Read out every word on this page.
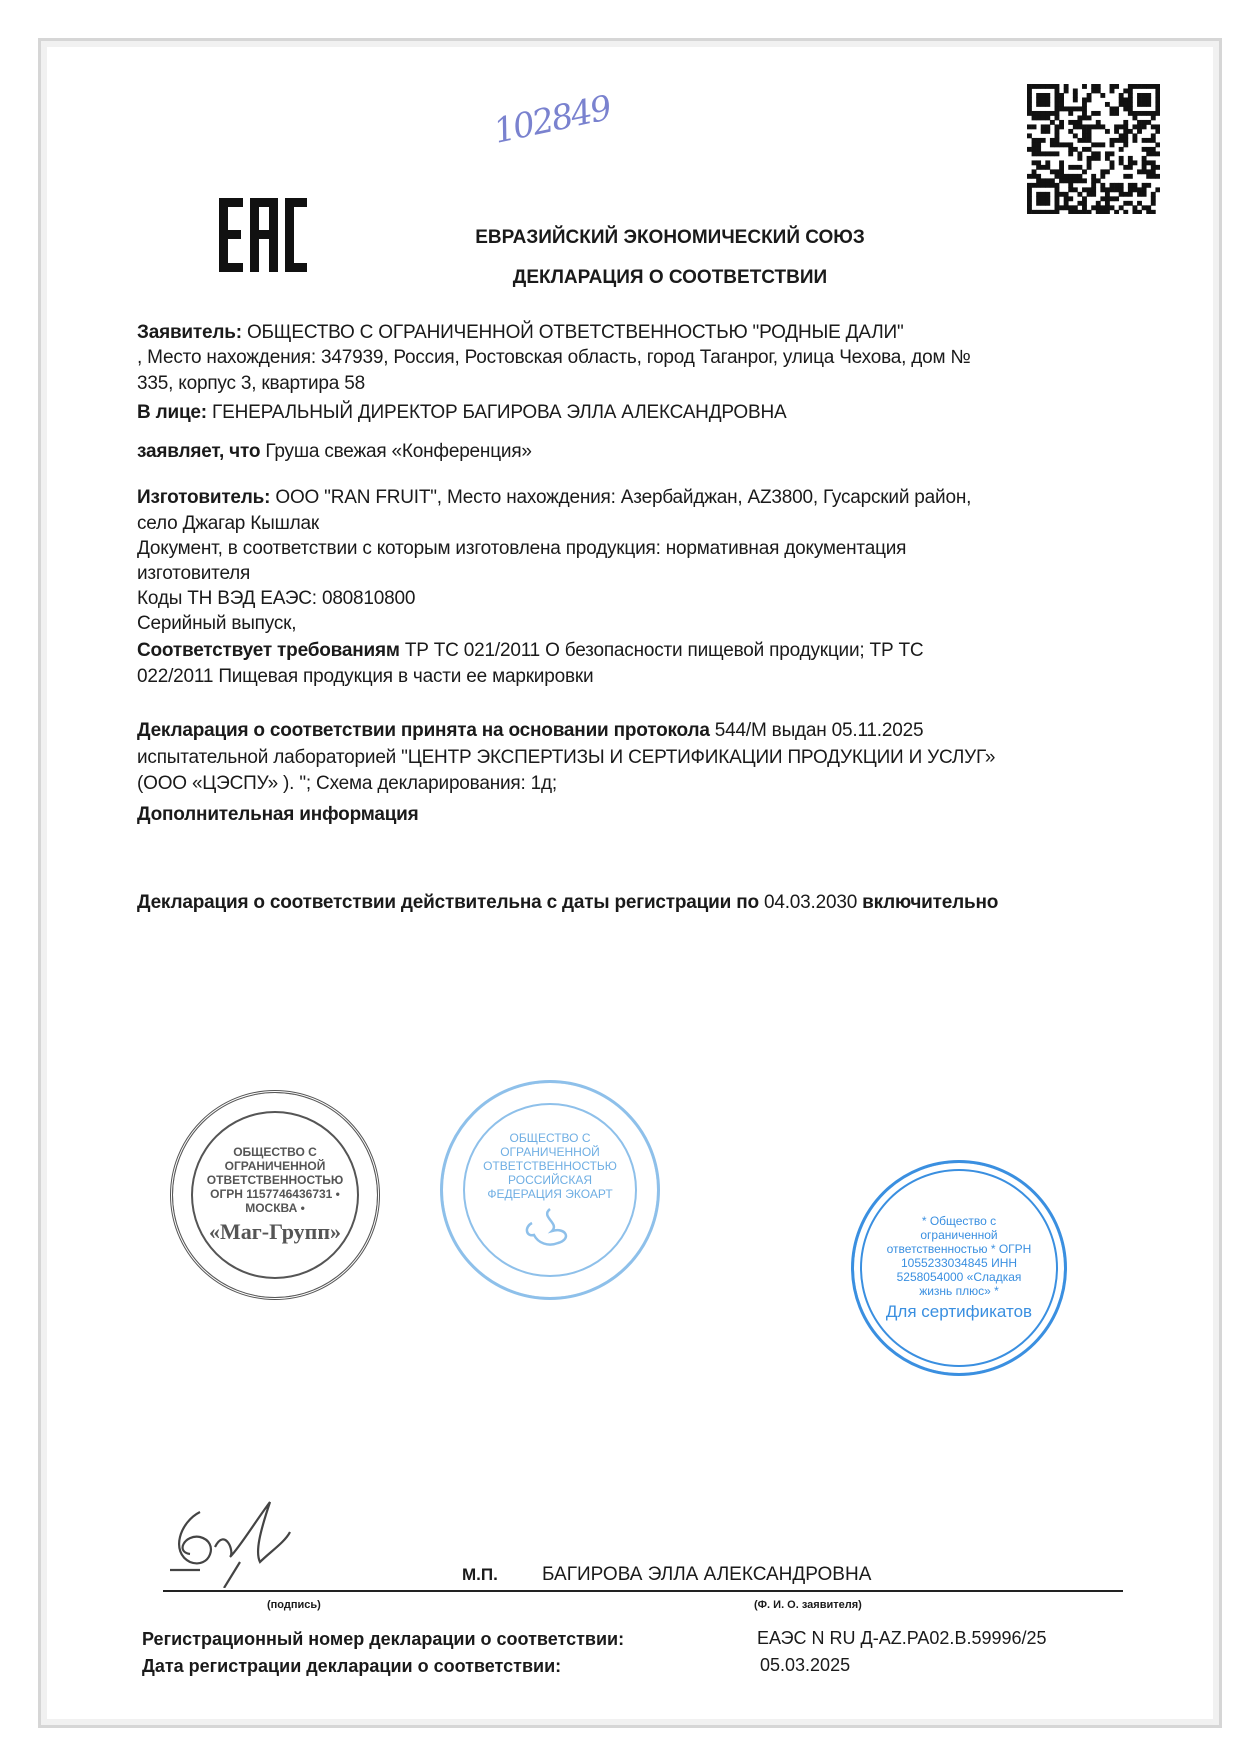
102849
ЕВРАЗИЙСКИЙ ЭКОНОМИЧЕСКИЙ СОЮЗ
ДЕКЛАРАЦИЯ О СООТВЕТСТВИИ
Заявитель: ОБЩЕСТВО С ОГРАНИЧЕННОЙ ОТВЕТСТВЕННОСТЬЮ "РОДНЫЕ ДАЛИ"
, Место нахождения: 347939, Россия, Ростовская область, город Таганрог, улица Чехова, дом №
335, корпус 3, квартира 58
В лице: ГЕНЕРАЛЬНЫЙ ДИРЕКТОР БАГИРОВА ЭЛЛА АЛЕКСАНДРОВНА
заявляет, что Груша свежая «Конференция»
Изготовитель: ООО "RAN FRUIT", Место нахождения: Азербайджан, AZ3800, Гусарский район,
село Джагар Кышлак
Документ, в соответствии с которым изготовлена продукция: нормативная документация
изготовителя
Коды ТН ВЭД ЕАЭС: 080810800
Серийный выпуск,
Соответствует требованиям ТР ТС 021/2011 О безопасности пищевой продукции; ТР ТС
022/2011 Пищевая продукция в части ее маркировки
Декларация о соответствии принята на основании протокола 544/М выдан 05.11.2025
испытательной лабораторией "ЦЕНТР ЭКСПЕРТИЗЫ И СЕРТИФИКАЦИИ ПРОДУКЦИИ И УСЛУГ»
(ООО «ЦЭСПУ» ). "; Схема декларирования: 1д;
Дополнительная информация
Декларация о соответствии действительна с даты регистрации по 04.03.2030 включительно

ОБЩЕСТВО С ОГРАНИЧЕННОЙ ОТВЕТСТВЕННОСТЬЮ ОГРН 1157746436731 • МОСКВА •

«Маг-Групп»

ОБЩЕСТВО С ОГРАНИЧЕННОЙ ОТВЕТСТВЕННОСТЬЮ РОССИЙСКАЯ ФЕДЕРАЦИЯ ЭКОАРТ

* Общество с ограниченной ответственностью * ОГРН 1055233034845 ИНН 5258054000 «Сладкая жизнь плюс» *

Для сертификатов

М.П. БАГИРОВА ЭЛЛА АЛЕКСАНДРОВНА
(подпись)	(Ф. И. О. заявителя)
Регистрационный номер декларации о соответствии:	ЕАЭС N RU Д-AZ.PA02.В.59996/25
Дата регистрации декларации о соответствии:	05.03.2025
